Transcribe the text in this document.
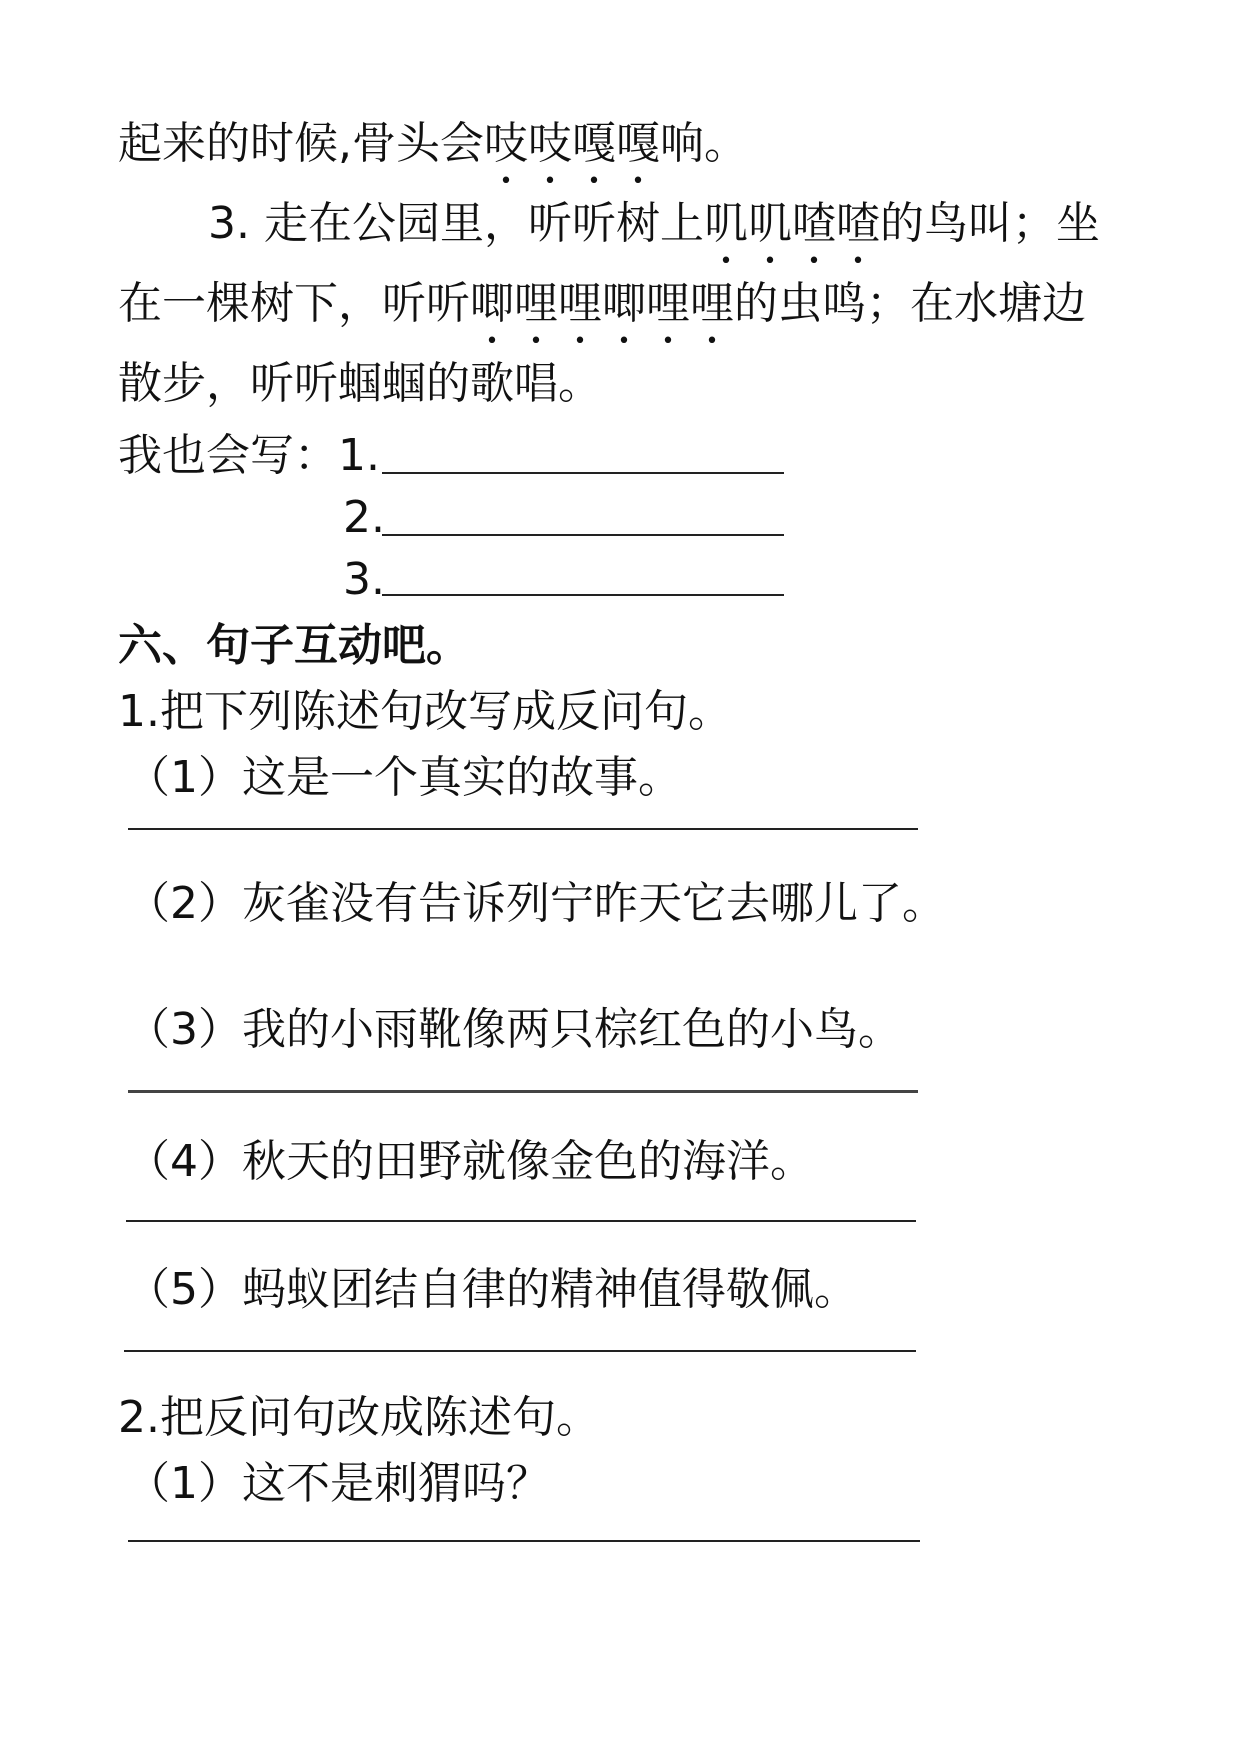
起来的时候,骨头会吱吱嘎嘎响。

3. 走在公园里，听听树上叽叽喳喳的鸟叫；坐

在一棵树下，听听唧哩哩唧哩哩的虫鸣；在水塘边

散步，听听蝈蝈的歌唱。

我也会写：1.

2.

3.

六、句子互动吧。

1.把下列陈述句改写成反问句。

（1）这是一个真实的故事。

（2）灰雀没有告诉列宁昨天它去哪儿了。

（3）我的小雨靴像两只棕红色的小鸟。

（4）秋天的田野就像金色的海洋。

（5）蚂蚁团结自律的精神值得敬佩。

2.把反问句改成陈述句。

（1）这不是刺猬吗？
